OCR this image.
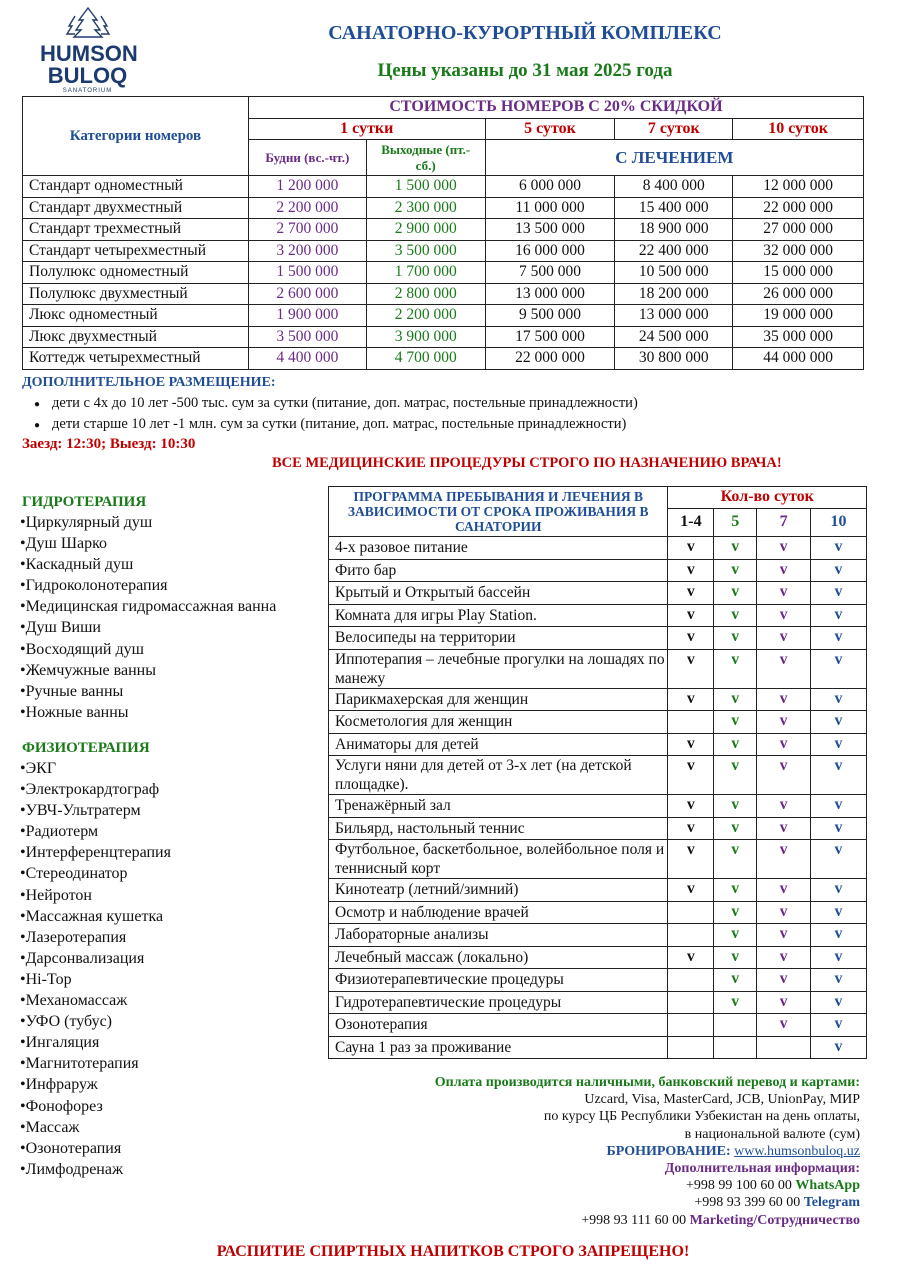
HUMSON
BULOQ
SANATORIUM
САНАТОРНО-КУРОРТНЫЙ КОМПЛЕКС
Цены указаны до 31 мая 2025 года
Категории номеров	СТОИМОСТЬ НОМЕРОВ С 20% СКИДКОЙ				
	1 сутки		5 суток	7 суток	10 суток
	Будни (вс.-чт.)	Выходные (пт.-сб.)	С ЛЕЧЕНИЕМ		
Стандарт одноместный	1 200 000	1 500 000	6 000 000	8 400 000	12 000 000
Стандарт двухместный	2 200 000	2 300 000	11 000 000	15 400 000	22 000 000
Стандарт трехместный	2 700 000	2 900 000	13 500 000	18 900 000	27 000 000
Стандарт четырехместный	3 200 000	3 500 000	16 000 000	22 400 000	32 000 000
Полулюкс одноместный	1 500 000	1 700 000	7 500 000	10 500 000	15 000 000
Полулюкс двухместный	2 600 000	2 800 000	13 000 000	18 200 000	26 000 000
Люкс одноместный	1 900 000	2 200 000	9 500 000	13 000 000	19 000 000
Люкс двухместный	3 500 000	3 900 000	17 500 000	24 500 000	35 000 000
Коттедж четырехместный	4 400 000	4 700 000	22 000 000	30 800 000	44 000 000
ДОПОЛНИТЕЛЬНОЕ РАЗМЕЩЕНИЕ:
● дети с 4х до 10 лет -500 тыс. сум за сутки (питание, доп. матрас, постельные принадлежности)
● дети старше 10 лет -1 млн. сум за сутки (питание, доп. матрас, постельные принадлежности)
Заезд: 12:30; Выезд: 10:30
ВСЕ МЕДИЦИНСКИЕ ПРОЦЕДУРЫ СТРОГО ПО НАЗНАЧЕНИЮ ВРАЧА!
ГИДРОТЕРАПИЯ
•Циркулярный душ
•Душ Шарко
•Каскадный душ
•Гидроколонотерапия
•Медицинская гидромассажная ванна
•Душ Виши
•Восходящий душ
•Жемчужные ванны
•Ручные ванны
•Ножные ванны
ФИЗИОТЕРАПИЯ
•ЭКГ
•Электрокардтограф
•УВЧ-Ультратерм
•Радиотерм
•Интерференцтерапия
•Стереодинатор
•Нейротон
•Массажная кушетка
•Лазеротерапия
•Дарсонвализация
•Hi-Top
•Механомассаж
•УФО (тубус)
•Ингаляция
•Магнитотерапия
•Инфраруж
•Фонофорез
•Массаж
•Озонотерапия
•Лимфодренаж
ПРОГРАММА ПРЕБЫВАНИЯ И ЛЕЧЕНИЯ В ЗАВИСИМОСТИ ОТ СРОКА ПРОЖИВАНИЯ В САНАТОРИИ	Кол-во суток			
	1-4	5	7	10
4-х разовое питание	v	v	v	v
Фито бар	v	v	v	v
Крытый и Открытый бассейн	v	v	v	v
Комната для игры Play Station.	v	v	v	v
Велосипеды на территории	v	v	v	v
Иппотерапия – лечебные прогулки на лошадях по манежу	v	v	v	v
Парикмахерская для женщин	v	v	v	v
Косметология для женщин		v	v	v
Аниматоры для детей	v	v	v	v
Услуги няни для детей от 3-х лет (на детской площадке).	v	v	v	v
Тренажёрный зал	v	v	v	v
Бильярд, настольный теннис	v	v	v	v
Футбольное, баскетбольное, волейбольное поля и теннисный корт	v	v	v	v
Кинотеатр (летний/зимний)	v	v	v	v
Осмотр и наблюдение врачей		v	v	v
Лабораторные анализы		v	v	v
Лечебный массаж (локально)	v	v	v	v
Физиотерапевтические процедуры		v	v	v
Гидротерапевтические процедуры		v	v	v
Озонотерапия			v	v
Сауна 1 раз за проживание				v
Оплата производится наличными, банковский перевод и картами:
Uzcard, Visa, MasterCard, JCB, UnionPay, МИР
по курсу ЦБ Республики Узбекистан на день оплаты,
в национальной валюте (сум)
БРОНИРОВАНИЕ: www.humsonbuloq.uz
Дополнительная информация:
+998 99 100 60 00 WhatsApp
+998 93 399 60 00 Telegram
+998 93 111 60 00 Marketing/Сотрудничество
РАСПИТИЕ СПИРТНЫХ НАПИТКОВ СТРОГО ЗАПРЕЩЕНО!
